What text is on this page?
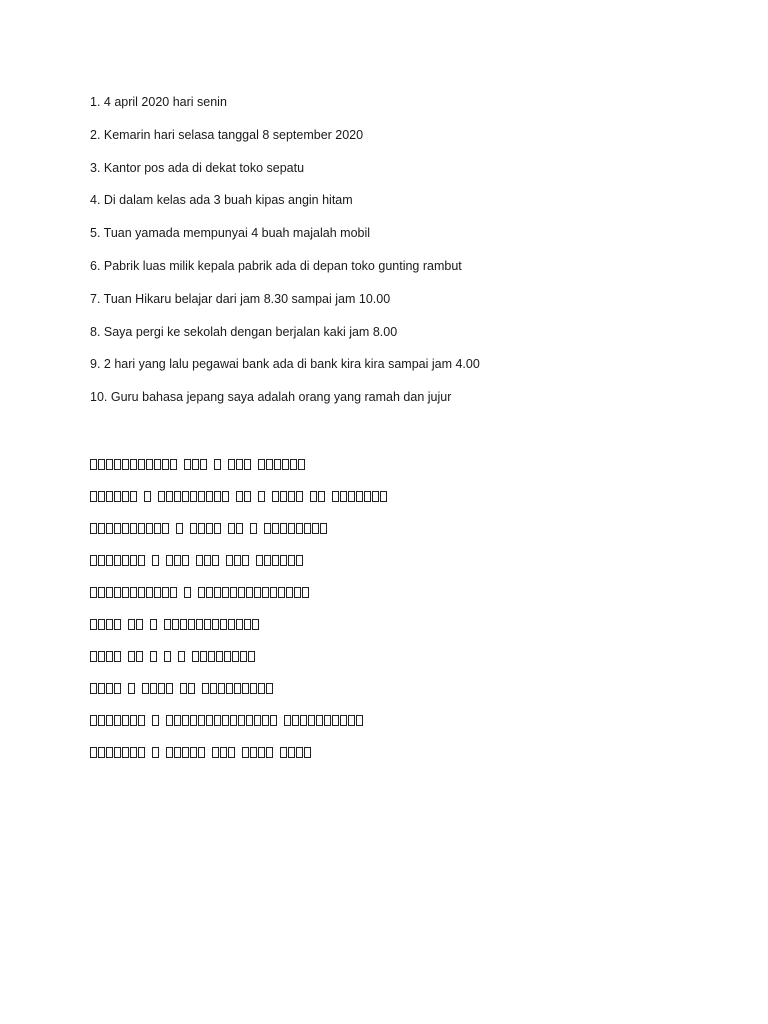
1. 4 april 2020 hari senin
2. Kemarin hari selasa tanggal 8 september 2020
3. Kantor pos ada di dekat toko sepatu
4. Di dalam kelas ada 3 buah kipas angin hitam
5. Tuan yamada mempunyai 4 buah majalah mobil
6. Pabrik luas milik kepala pabrik ada di depan toko gunting rambut
7. Tuan Hikaru belajar dari jam 8.30 sampai jam 10.00
8. Saya pergi ke sekolah dengan berjalan kaki jam 8.00
9. 2 hari yang lalu pegawai bank ada di bank kira kira sampai jam 4.00
10. Guru bahasa jepang saya adalah orang yang ramah dan jujur
